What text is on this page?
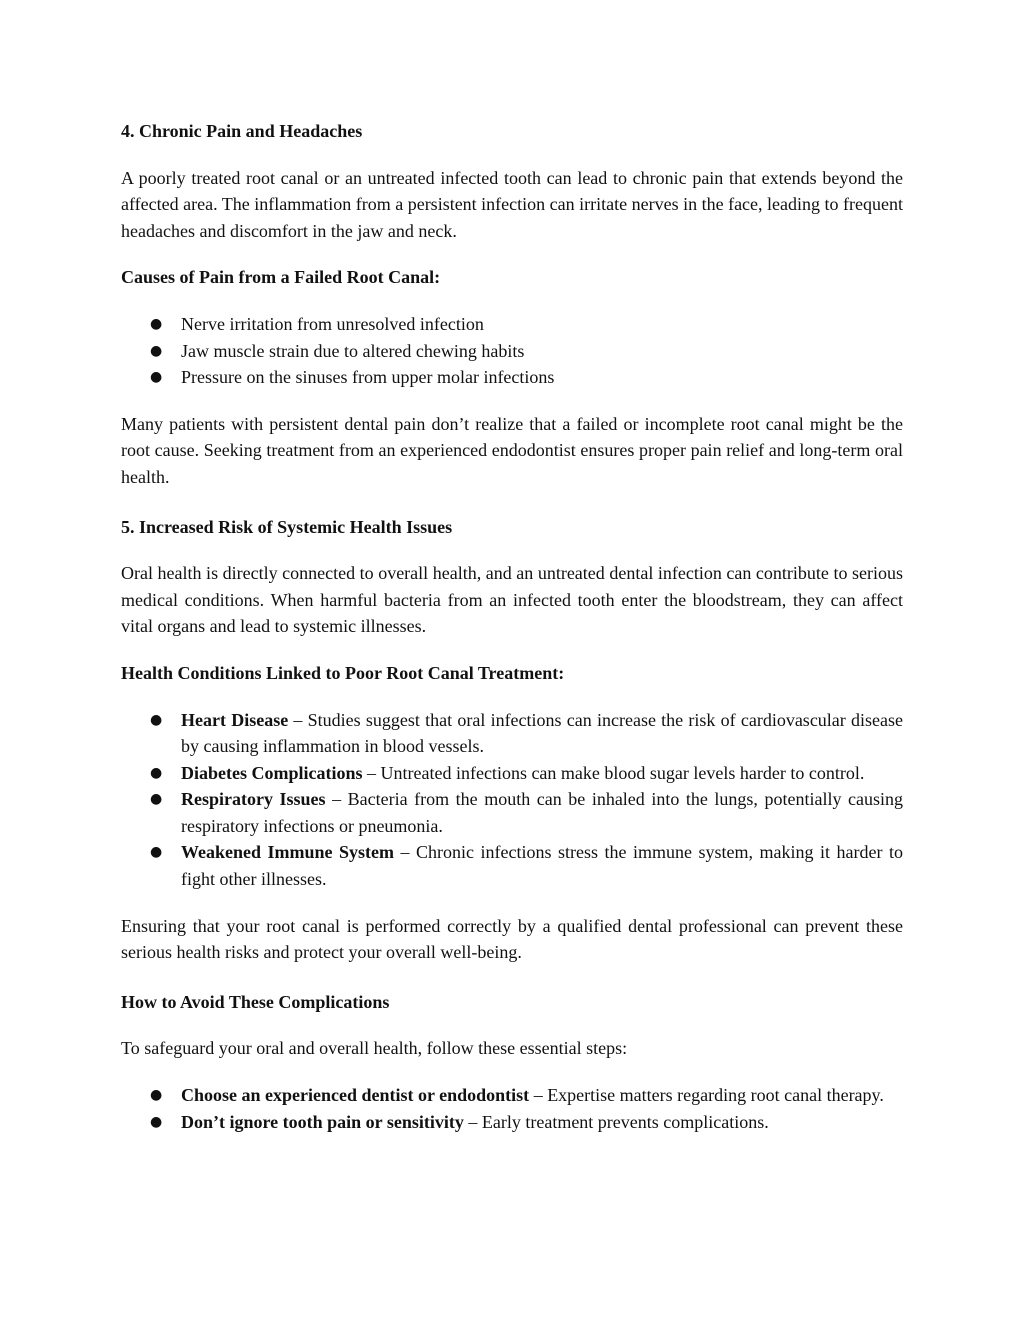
4. Chronic Pain and Headaches

A poorly treated root canal or an untreated infected tooth can lead to chronic pain that extends beyond the affected area. The inflammation from a persistent infection can irritate nerves in the face, leading to frequent headaches and discomfort in the jaw and neck.

Causes of Pain from a Failed Root Canal:

● Nerve irritation from unresolved infection
● Jaw muscle strain due to altered chewing habits
● Pressure on the sinuses from upper molar infections

Many patients with persistent dental pain don’t realize that a failed or incomplete root canal might be the root cause. Seeking treatment from an experienced endodontist ensures proper pain relief and long-term oral health.

5. Increased Risk of Systemic Health Issues

Oral health is directly connected to overall health, and an untreated dental infection can contribute to serious medical conditions. When harmful bacteria from an infected tooth enter the bloodstream, they can affect vital organs and lead to systemic illnesses.

Health Conditions Linked to Poor Root Canal Treatment:

● Heart Disease – Studies suggest that oral infections can increase the risk of cardiovascular disease by causing inflammation in blood vessels.
● Diabetes Complications – Untreated infections can make blood sugar levels harder to control.
● Respiratory Issues – Bacteria from the mouth can be inhaled into the lungs, potentially causing respiratory infections or pneumonia.
● Weakened Immune System – Chronic infections stress the immune system, making it harder to fight other illnesses.

Ensuring that your root canal is performed correctly by a qualified dental professional can prevent these serious health risks and protect your overall well-being.

How to Avoid These Complications

To safeguard your oral and overall health, follow these essential steps:

● Choose an experienced dentist or endodontist – Expertise matters regarding root canal therapy.
● Don’t ignore tooth pain or sensitivity – Early treatment prevents complications.
